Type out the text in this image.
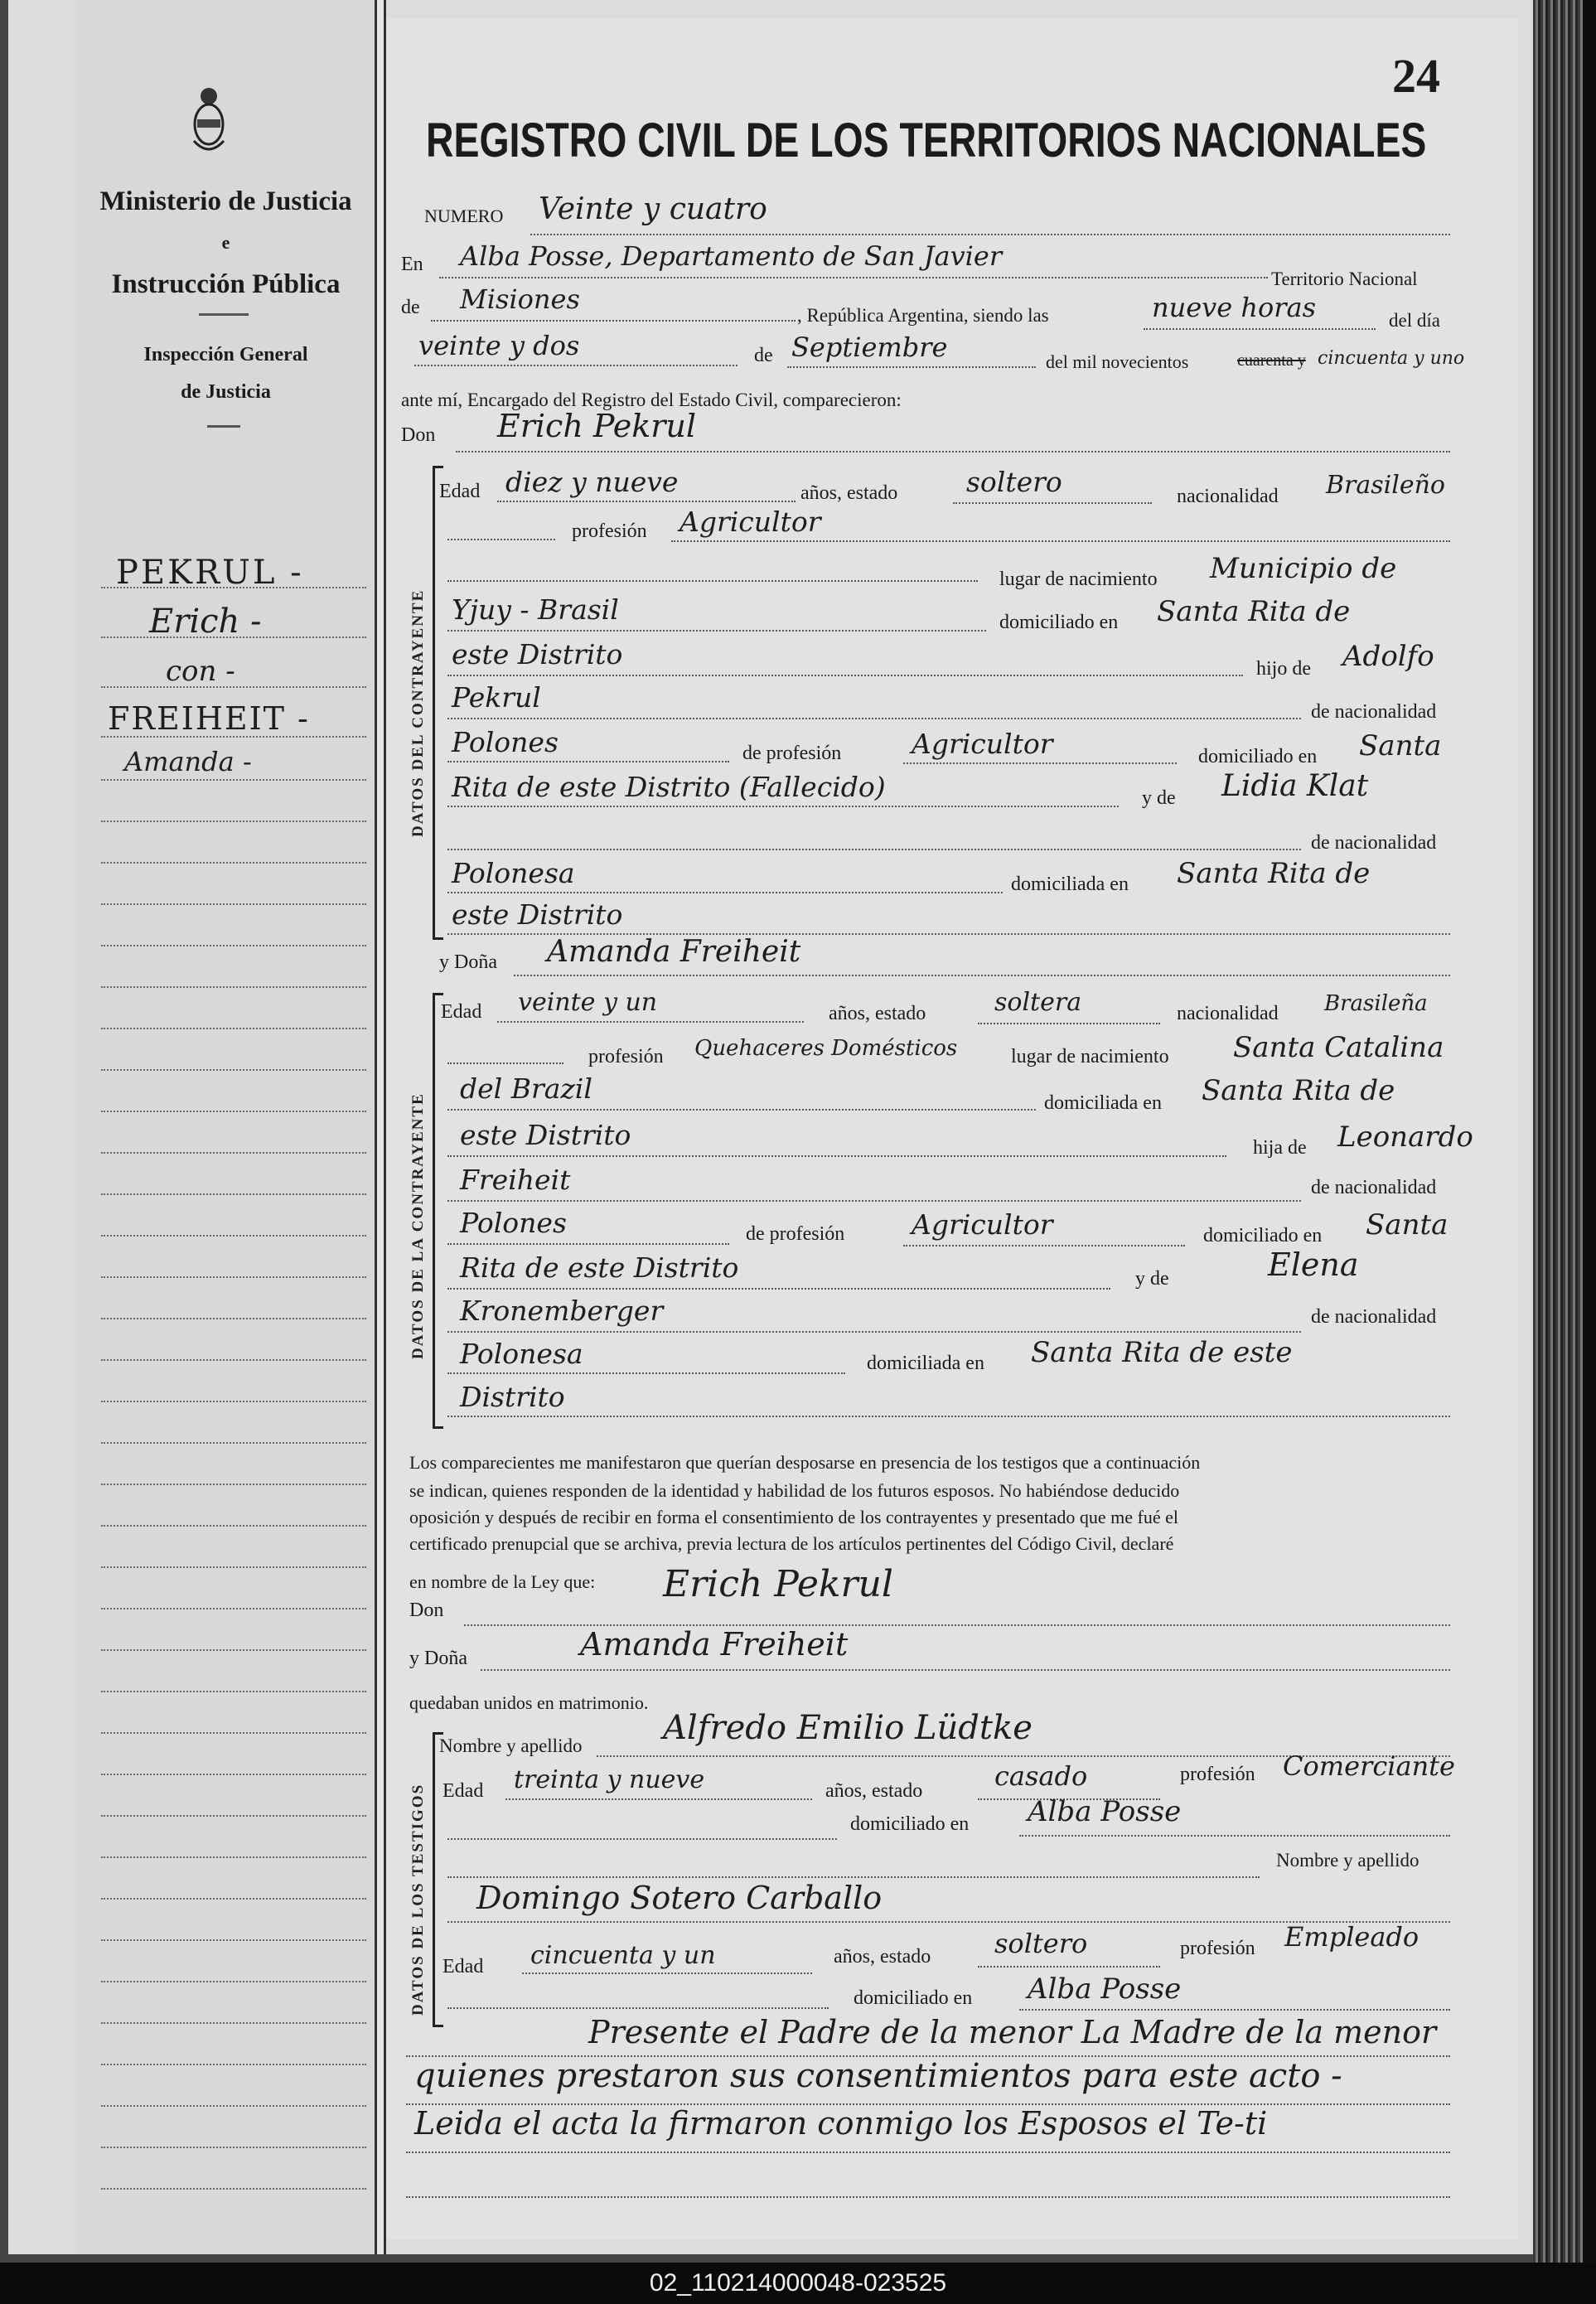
Ministerio de Justicia
e
Instrucción Pública
Inspección General
de Justicia
PEKRUL -
Erich -
con -
FREIHEIT -
Amanda -
24
REGISTRO CIVIL DE LOS TERRITORIOS NACIONALES
NUMERO Veinte y cuatro
En Alba Posse, Departamento de San Javier
Territorio Nacional
de Misiones
, República Argentina, siendo las	nueve horas	del día
veinte y dos	de Septiembre	del mil novecientos	cuarenta y cincuenta y uno
ante mí, Encargado del Registro del Estado Civil, comparecieron:
Don Erich Pekrul
DATOS DEL CONTRAYENTE
Edad diez y nueve	años, estado	soltero	nacionalidad Brasileño
profesión Agricultor
lugar de nacimiento Municipio de
Yjuy - Brasil	domiciliado en Santa Rita de
este Distrito	hijo de Adolfo
Pekrul	de nacionalidad
Polones	de profesión	Agricultor	domiciliado en Santa
Rita de este Distrito (Fallecido)	y de Lidia Klat
de nacionalidad
Polonesa	domiciliada en Santa Rita de
este Distrito
y Doña Amanda Freiheit
DATOS DE LA CONTRAYENTE
Edad veinte y un	años, estado	soltera	nacionalidad Brasileña
profesión Quehaceres Domésticos	lugar de nacimiento Santa Catalina
del Brazil	domiciliada en Santa Rita de
este Distrito	hija de Leonardo
Freiheit	de nacionalidad
Polones	de profesión Agricultor	domiciliado en Santa
Rita de este Distrito	y de	Elena
Kronemberger	de nacionalidad
Polonesa	domiciliada en Santa Rita de este
Distrito
Los comparecientes me manifestaron que querían desposarse en presencia de los testigos que a continuación
se indican, quienes responden de la identidad y habilidad de los futuros esposos. No habiéndose deducido
oposición y después de recibir en forma el consentimiento de los contrayentes y presentado que me fué el
certificado prenupcial que se archiva, previa lectura de los artículos pertinentes del Código Civil, declaré
en nombre de la Ley que: Erich Pekrul
Don
y Doña	Amanda Freiheit
quedaban unidos en matrimonio.
DATOS DE LOS TESTIGOS
Nombre y apellido Alfredo Emilio Lüdtke
Edad treinta y nueve	años, estado	casado	profesión Comerciante
domiciliado en Alba Posse
Nombre y apellido
Domingo Sotero Carballo
Edad cincuenta y un	años, estado soltero	profesión Empleado
domiciliado en Alba Posse
Presente el Padre de la menor La Madre de la menor
quienes prestaron sus consentimientos para este acto -
Leida el acta la firmaron conmigo los Esposos el Te-ti
02_110214000048-023525
